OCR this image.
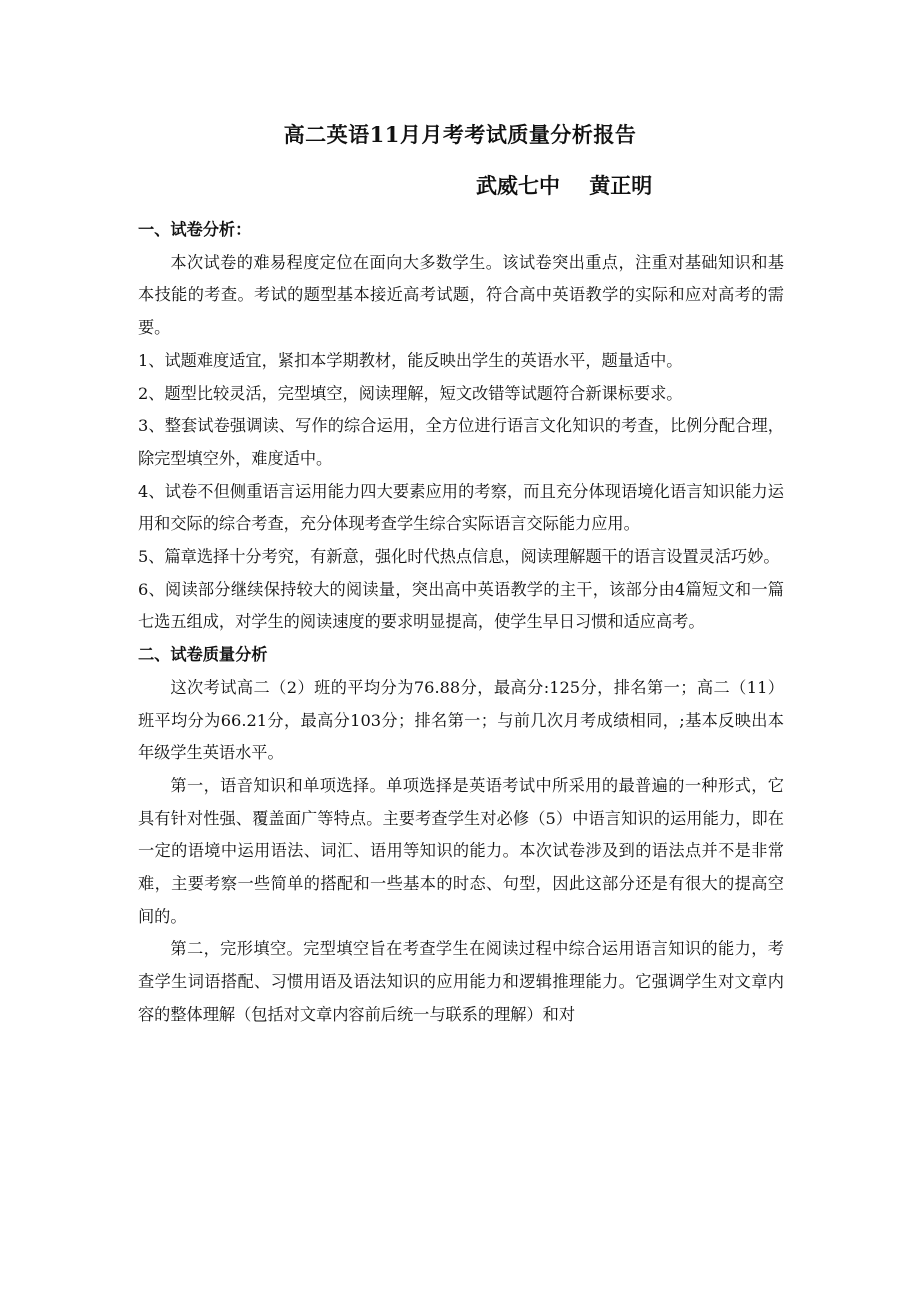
高二英语11月月考考试质量分析报告
武威七中    黄正明

一、试卷分析：

本次试卷的难易程度定位在面向大多数学生。该试卷突出重点，注重对基础知识和基本技能的考查。考试的题型基本接近高考试题，符合高中英语教学的实际和应对高考的需要。

1、试题难度适宜，紧扣本学期教材，能反映出学生的英语水平，题量适中。

2、题型比较灵活，完型填空，阅读理解，短文改错等试题符合新课标要求。

3、整套试卷强调读、写作的综合运用，全方位进行语言文化知识的考查，比例分配合理，除完型填空外，难度适中。

4、试卷不但侧重语言运用能力四大要素应用的考察，而且充分体现语境化语言知识能力运用和交际的综合考查，充分体现考查学生综合实际语言交际能力应用。

5、篇章选择十分考究，有新意，强化时代热点信息，阅读理解题干的语言设置灵活巧妙。

6、阅读部分继续保持较大的阅读量，突出高中英语教学的主干，该部分由4篇短文和一篇七选五组成，对学生的阅读速度的要求明显提高，使学生早日习惯和适应高考。

二、试卷质量分析

这次考试高二（2）班的平均分为76.88分，最高分:125分，排名第一；高二（11）班平均分为66.21分，最高分103分；排名第一；与前几次月考成绩相同，;基本反映出本年级学生英语水平。

第一，语音知识和单项选择。单项选择是英语考试中所采用的最普遍的一种形式，它具有针对性强、覆盖面广等特点。主要考查学生对必修（5）中语言知识的运用能力，即在一定的语境中运用语法、词汇、语用等知识的能力。本次试卷涉及到的语法点并不是非常难，主要考察一些简单的搭配和一些基本的时态、句型，因此这部分还是有很大的提高空间的。

第二，完形填空。完型填空旨在考查学生在阅读过程中综合运用语言知识的能力，考查学生词语搭配、习惯用语及语法知识的应用能力和逻辑推理能力。它强调学生对文章内容的整体理解（包括对文章内容前后统一与联系的理解）和对
